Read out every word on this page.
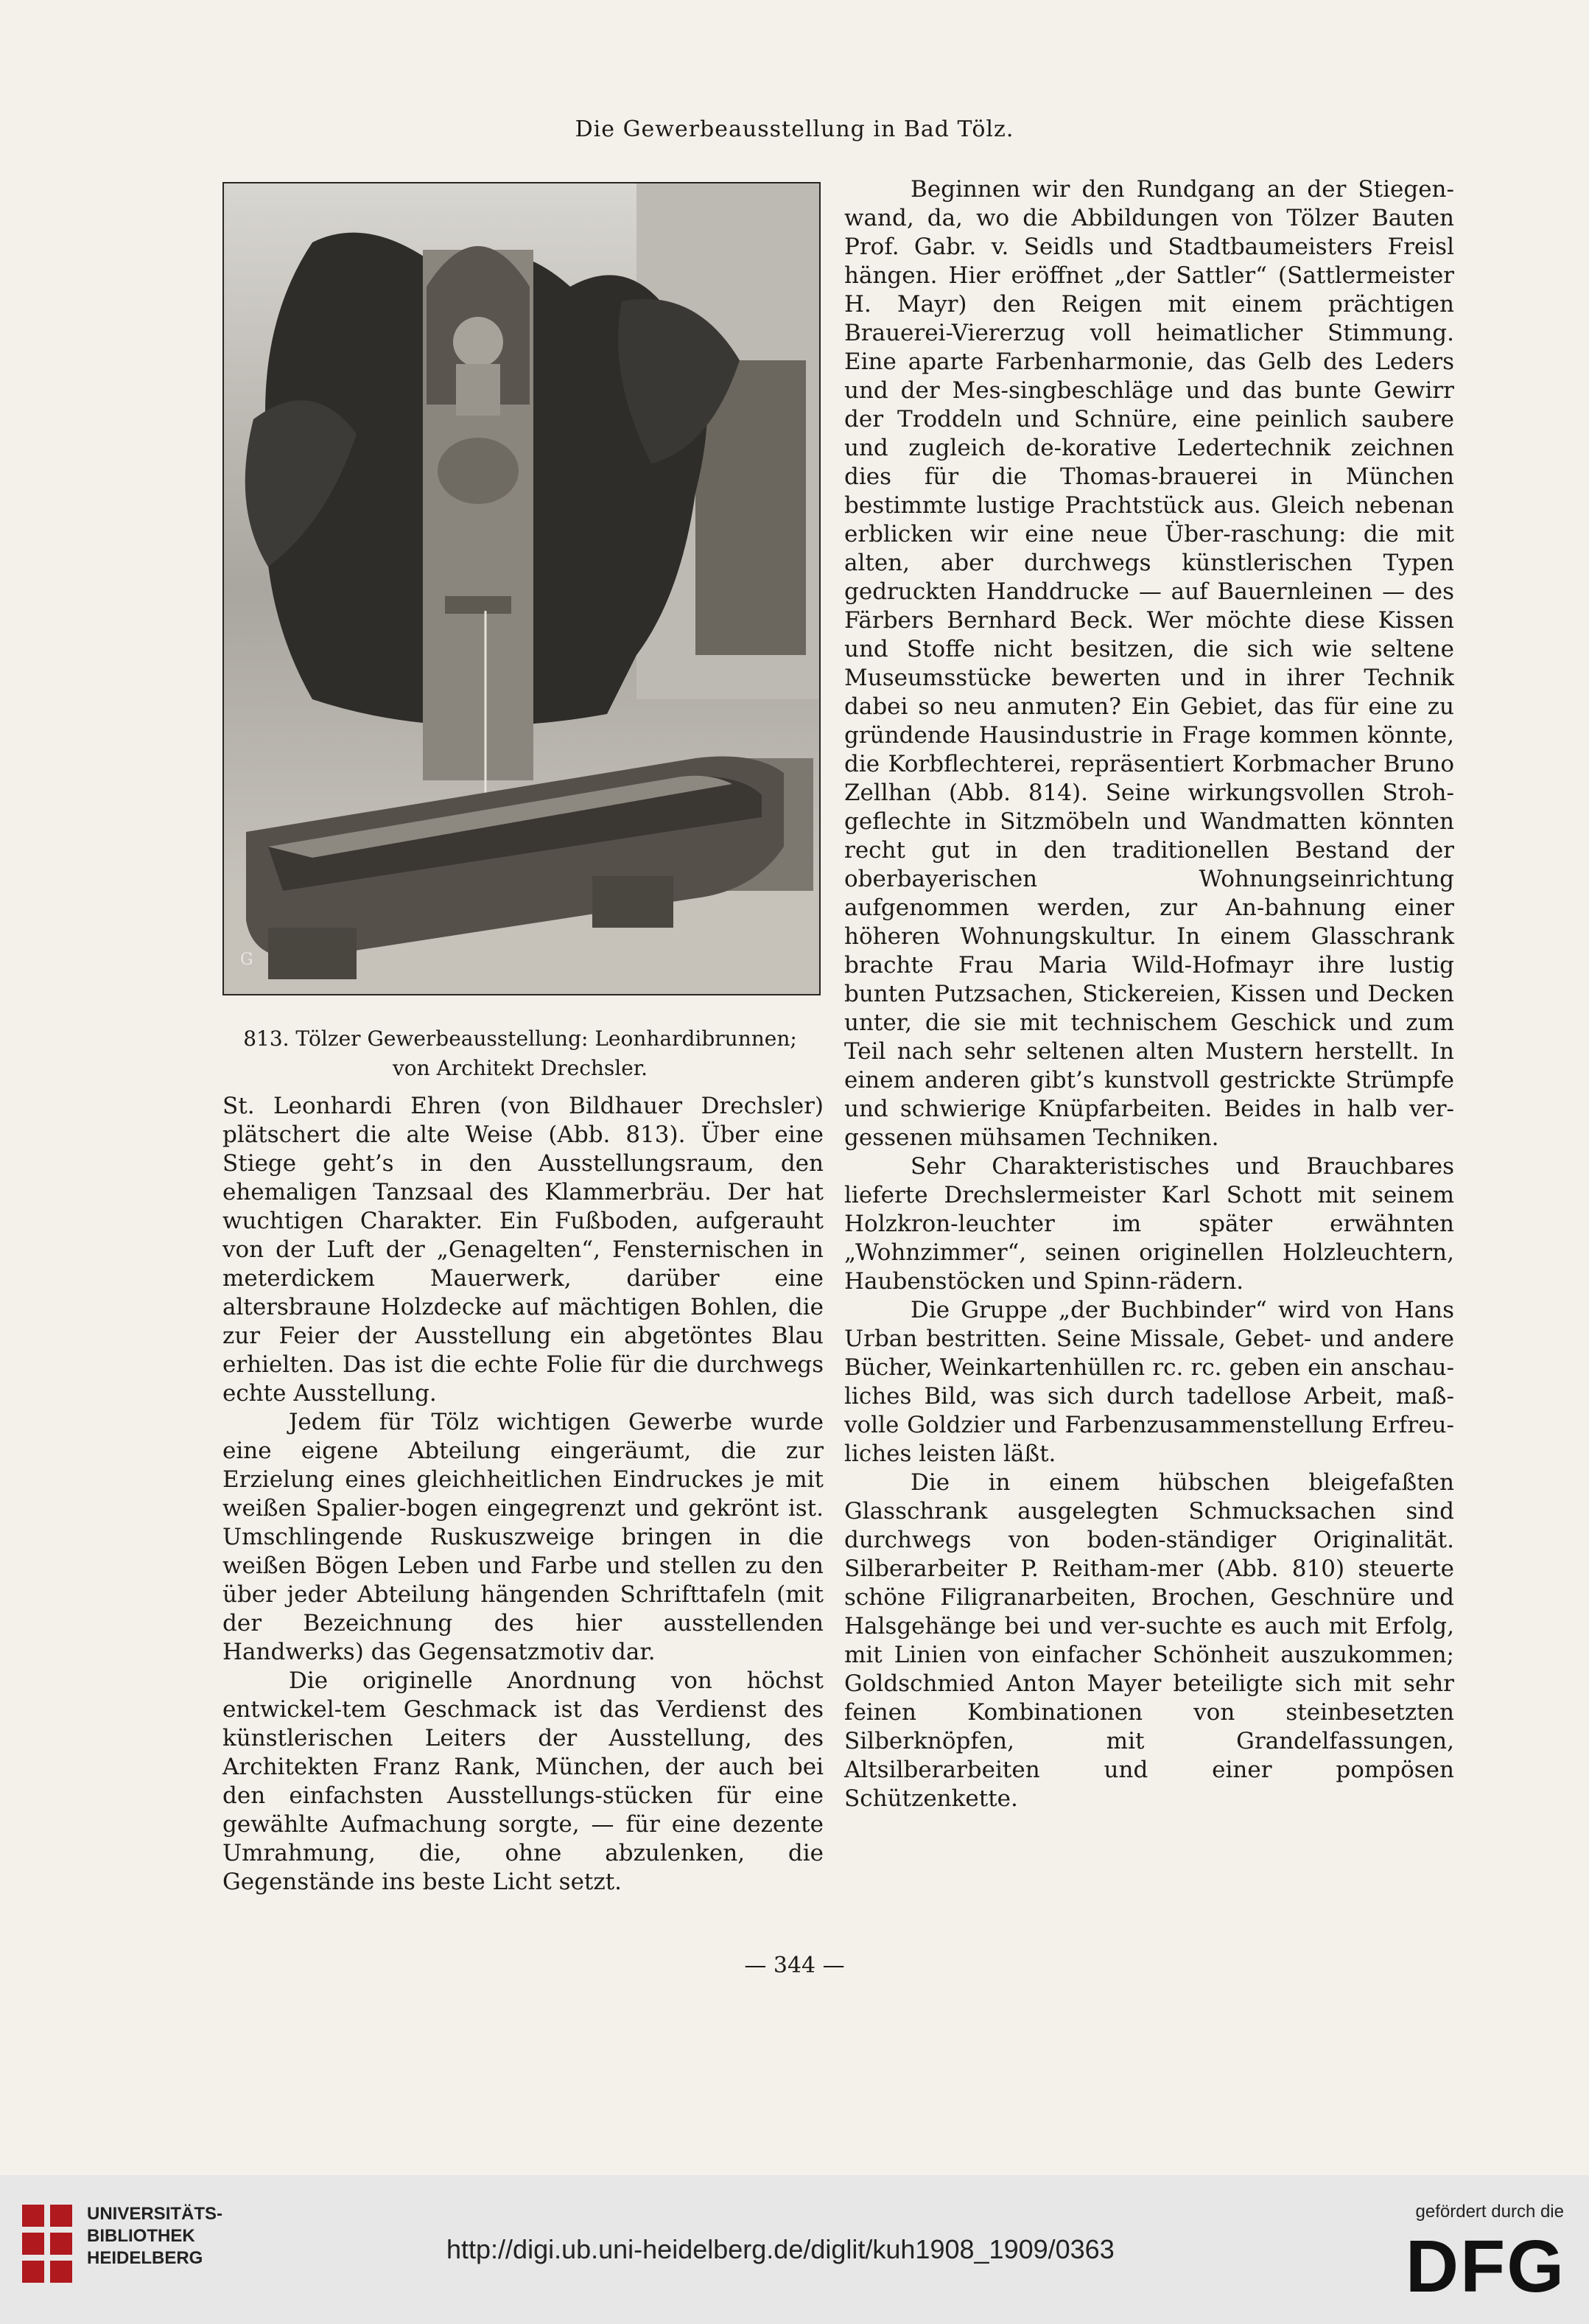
Die Gewerbeausstellung in Bad Tölz.
G
813. Tölzer Gewerbeausstellung: Leonhardibrunnen;
von Architekt Drechsler.

St. Leonhardi Ehren (von Bildhauer Drechsler) plätschert die alte Weise (Abb. 813). Über eine Stiege geht’s in den Ausstellungsraum, den ehemaligen Tanzsaal des Klammerbräu. Der hat wuchtigen Charakter. Ein Fußboden, aufgerauht von der Luft der „Genagelten“, Fensternischen in meterdickem Mauerwerk, darüber eine altersbraune Holzdecke auf mächtigen Bohlen, die zur Feier der Ausstellung ein abgetöntes Blau erhielten. Das ist die echte Folie für die durchwegs echte Ausstellung.

Jedem für Tölz wichtigen Gewerbe wurde eine eigene Abteilung eingeräumt, die zur Erzielung eines gleichheitlichen Eindruckes je mit weißen Spalier-bogen eingegrenzt und gekrönt ist. Umschlingende Ruskuszweige bringen in die weißen Bögen Leben und Farbe und stellen zu den über jeder Abteilung hängenden Schrifttafeln (mit der Bezeichnung des hier ausstellenden Handwerks) das Gegensatzmotiv dar.

Die originelle Anordnung von höchst entwickel-tem Geschmack ist das Verdienst des künstlerischen Leiters der Ausstellung, des Architekten Franz Rank, München, der auch bei den einfachsten Ausstellungs-stücken für eine gewählte Aufmachung sorgte, — für eine dezente Umrahmung, die, ohne abzulenken, die Gegenstände ins beste Licht setzt.

Beginnen wir den Rundgang an der Stiegen-wand, da, wo die Abbildungen von Tölzer Bauten Prof. Gabr. v. Seidls und Stadtbaumeisters Freisl hängen. Hier eröffnet „der Sattler“ (Sattlermeister H. Mayr) den Reigen mit einem prächtigen Brauerei-Viererzug voll heimatlicher Stimmung. Eine aparte Farbenharmonie, das Gelb des Leders und der Mes-singbeschläge und das bunte Gewirr der Troddeln und Schnüre, eine peinlich saubere und zugleich de-korative Ledertechnik zeichnen dies für die Thomas-brauerei in München bestimmte lustige Prachtstück aus. Gleich nebenan erblicken wir eine neue Über-raschung: die mit alten, aber durchwegs künstlerischen Typen gedruckten Handdrucke — auf Bauernleinen — des Färbers Bernhard Beck. Wer möchte diese Kissen und Stoffe nicht besitzen, die sich wie seltene Museumsstücke bewerten und in ihrer Technik dabei so neu anmuten? Ein Gebiet, das für eine zu gründende Hausindustrie in Frage kommen könnte, die Korbflechterei, repräsentiert Korbmacher Bruno Zellhan (Abb. 814). Seine wirkungsvollen Stroh-geflechte in Sitzmöbeln und Wandmatten könnten recht gut in den traditionellen Bestand der oberbayerischen Wohnungseinrichtung aufgenommen werden, zur An-bahnung einer höheren Wohnungskultur. In einem Glasschrank brachte Frau Maria Wild-Hofmayr ihre lustig bunten Putzsachen, Stickereien, Kissen und Decken unter, die sie mit technischem Geschick und zum Teil nach sehr seltenen alten Mustern herstellt. In einem anderen gibt’s kunstvoll gestrickte Strümpfe und schwierige Knüpfarbeiten. Beides in halb ver-gessenen mühsamen Techniken.

Sehr Charakteristisches und Brauchbares lieferte Drechslermeister Karl Schott mit seinem Holzkron-leuchter im später erwähnten „Wohnzimmer“, seinen originellen Holzleuchtern, Haubenstöcken und Spinn-rädern.

Die Gruppe „der Buchbinder“ wird von Hans Urban bestritten. Seine Missale, Gebet- und andere Bücher, Weinkartenhüllen rc. rc. geben ein anschau-liches Bild, was sich durch tadellose Arbeit, maß-volle Goldzier und Farbenzusammenstellung Erfreu-liches leisten läßt.

Die in einem hübschen bleigefaßten Glasschrank ausgelegten Schmucksachen sind durchwegs von boden-ständiger Originalität. Silberarbeiter P. Reitham-mer (Abb. 810) steuerte schöne Filigranarbeiten, Brochen, Geschnüre und Halsgehänge bei und ver-suchte es auch mit Erfolg, mit Linien von einfacher Schönheit auszukommen; Goldschmied Anton Mayer beteiligte sich mit sehr feinen Kombinationen von steinbesetzten Silberknöpfen, mit Grandelfassungen, Altsilberarbeiten und einer pompösen Schützenkette.

— 344 —
UNIVERSITÄTS-
BIBLIOTHEK
HEIDELBERG	http://digi.ub.uni-heidelberg.de/diglit/kuh1908_1909/0363
gefördert durch die
DFG
